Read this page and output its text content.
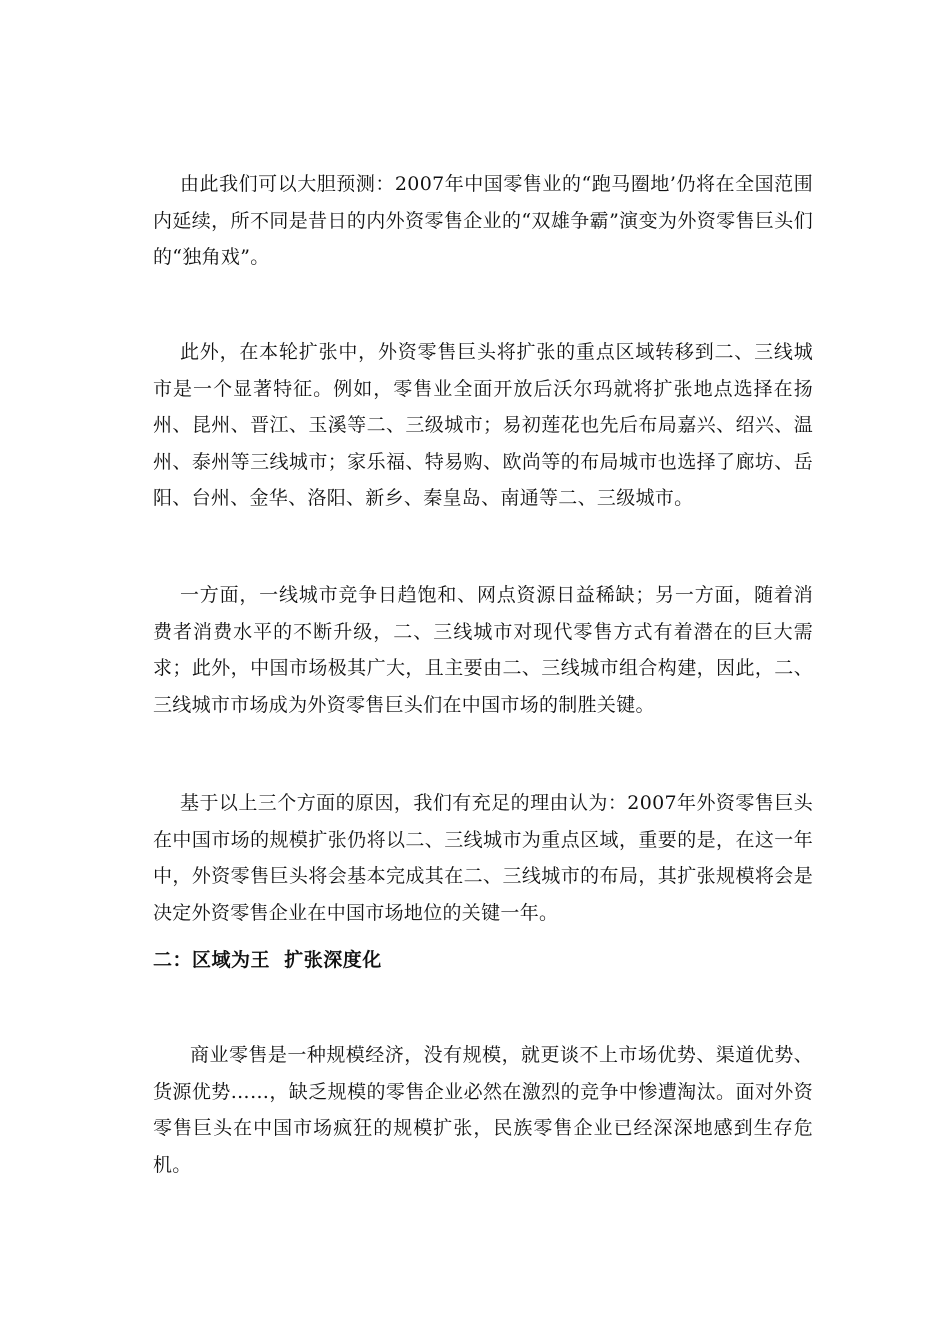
由此我们可以大胆预测：2007年中国零售业的“跑马圈地’仍将在全国范围内延续，所不同是昔日的内外资零售企业的“双雄争霸”演变为外资零售巨头们的“独角戏”。

此外，在本轮扩张中，外资零售巨头将扩张的重点区域转移到二、三线城市是一个显著特征。例如，零售业全面开放后沃尔玛就将扩张地点选择在扬州、昆州、晋江、玉溪等二、三级城市；易初莲花也先后布局嘉兴、绍兴、温州、泰州等三线城市；家乐福、特易购、欧尚等的布局城市也选择了廊坊、岳阳、台州、金华、洛阳、新乡、秦皇岛、南通等二、三级城市。

一方面，一线城市竞争日趋饱和、网点资源日益稀缺；另一方面，随着消费者消费水平的不断升级，二、三线城市对现代零售方式有着潜在的巨大需求；此外，中国市场极其广大，且主要由二、三线城市组合构建，因此，二、三线城市市场成为外资零售巨头们在中国市场的制胜关键。

基于以上三个方面的原因，我们有充足的理由认为：2007年外资零售巨头在中国市场的规模扩张仍将以二、三线城市为重点区域，重要的是，在这一年中，外资零售巨头将会基本完成其在二、三线城市的布局，其扩张规模将会是决定外资零售企业在中国市场地位的关键一年。

二：区域为王  扩张深度化

商业零售是一种规模经济，没有规模，就更谈不上市场优势、渠道优势、货源优势……，缺乏规模的零售企业必然在激烈的竞争中惨遭淘汰。面对外资零售巨头在中国市场疯狂的规模扩张，民族零售企业已经深深地感到生存危机。
